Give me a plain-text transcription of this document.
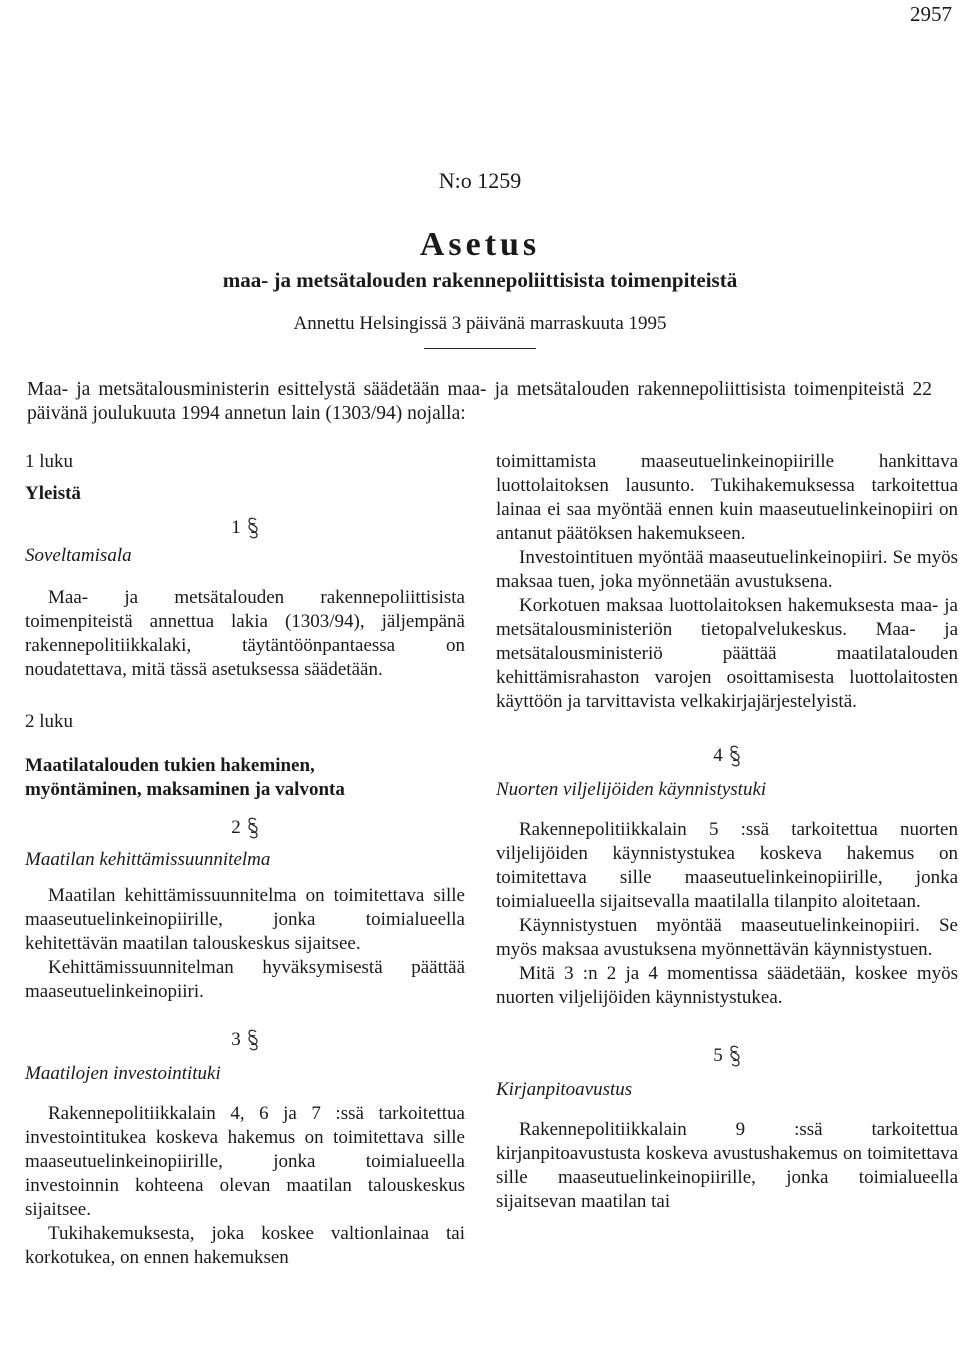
2957
N:o 1259
Asetus
maa- ja metsätalouden rakennepoliittisista toimenpiteistä
Annettu Helsingissä 3 päivänä marraskuuta 1995
Maa- ja metsätalousministerin esittelystä säädetään maa- ja metsätalouden rakennepoliittisista toimenpiteistä 22 päivänä joulukuuta 1994 annetun lain (1303/94) nojalla:

1 luku

Yleistä

1

Soveltamisala

Maa- ja metsätalouden rakennepoliittisista toimenpiteistä annettua lakia (1303/94), jäljempänä rakennepolitiikkalaki, täytäntöönpantaessa on noudatettava, mitä tässä asetuksessa säädetään.

2 luku

Maatilatalouden tukien hakeminen,

myöntäminen, maksaminen ja valvonta

2

Maatilan kehittämissuunnitelma

Maatilan kehittämissuunnitelma on toimitettava sille maaseutuelinkeinopiirille, jonka toimialueella kehitettävän maatilan talouskeskus sijaitsee.

Kehittämissuunnitelman hyväksymisestä päättää maaseutuelinkeinopiiri.

3

Maatilojen investointituki

Rakennepolitiikkalain 4, 6 ja 7 :ssä tarkoitettua investointitukea koskeva hakemus on toimitettava sille maaseutuelinkeinopiirille, jonka toimialueella investoinnin kohteena olevan maatilan talouskeskus sijaitsee.

Tukihakemuksesta, joka koskee valtionlainaa tai korkotukea, on ennen hakemuksen

toimittamista maaseutuelinkeinopiirille hankittava luottolaitoksen lausunto. Tukihakemuksessa tarkoitettua lainaa ei saa myöntää ennen kuin maaseutuelinkeinopiiri on antanut päätöksen hakemukseen.

Investointituen myöntää maaseutuelinkeinopiiri. Se myös maksaa tuen, joka myönnetään avustuksena.

Korkotuen maksaa luottolaitoksen hakemuksesta maa- ja metsätalousministeriön tietopalvelukeskus. Maa- ja metsätalousministeriö päättää maatilatalouden kehittämisrahaston varojen osoittamisesta luottolaitosten käyttöön ja tarvittavista velkakirjajärjestelyistä.

4

Nuorten viljelijöiden käynnistystuki

Rakennepolitiikkalain 5 :ssä tarkoitettua nuorten viljelijöiden käynnistystukea koskeva hakemus on toimitettava sille maaseutuelinkeinopiirille, jonka toimialueella sijaitsevalla maatilalla tilanpito aloitetaan.

Käynnistystuen myöntää maaseutuelinkeinopiiri. Se myös maksaa avustuksena myönnettävän käynnistystuen.

Mitä 3 :n 2 ja 4 momentissa säädetään, koskee myös nuorten viljelijöiden käynnistystukea.

5

Kirjanpitoavustus

Rakennepolitiikkalain 9 :ssä tarkoitettua kirjanpitoavustusta koskeva avustushakemus on toimitettava sille maaseutuelinkeinopiirille, jonka toimialueella sijaitsevan maatilan tai
